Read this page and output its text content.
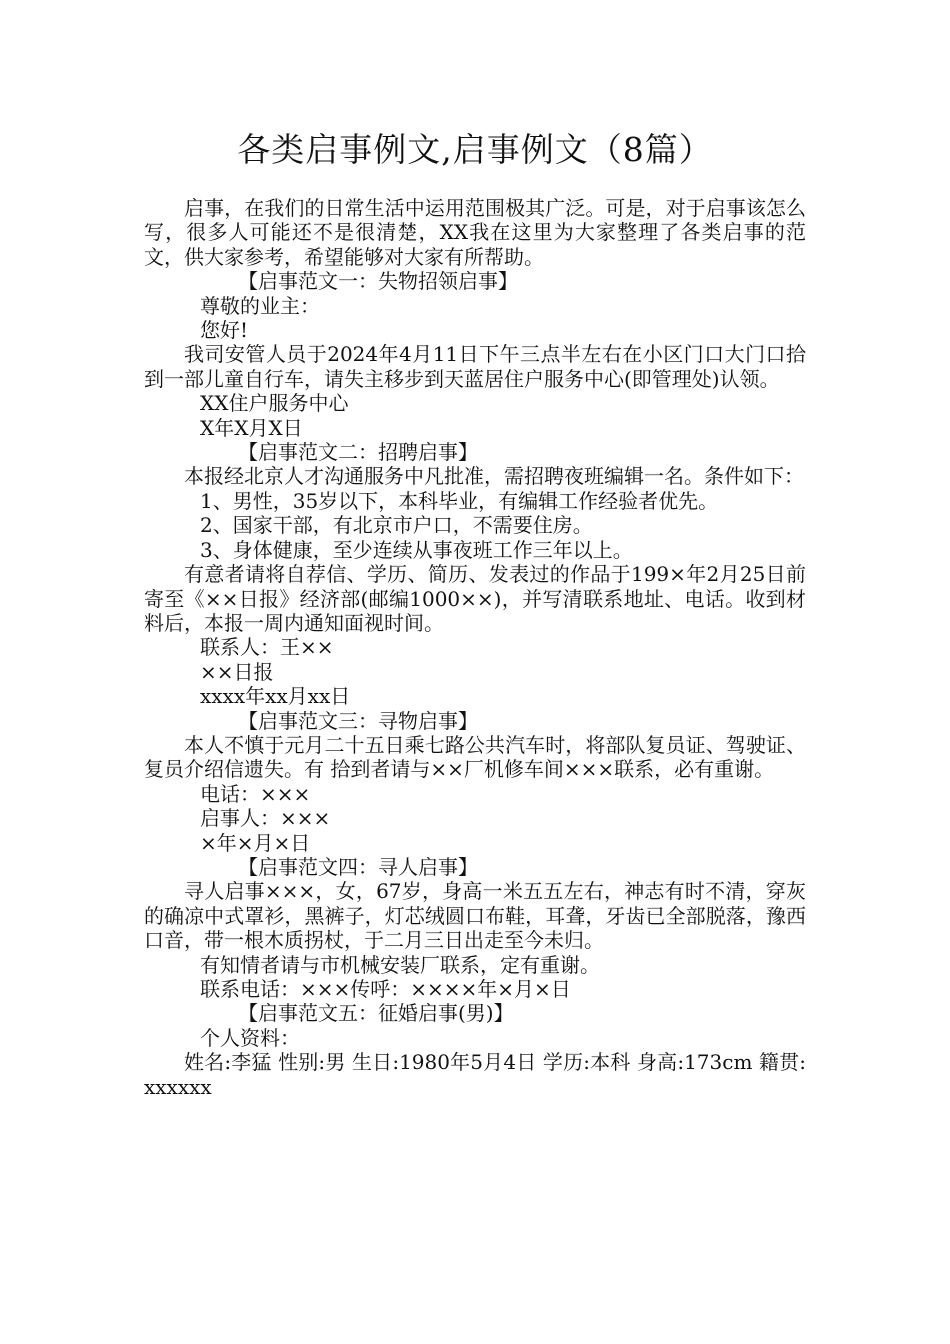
各类启事例文,启事例文（8篇）

启事，在我们的日常生活中运用范围极其广泛。可是，对于启事该怎么写，很多人可能还不是很清楚，XX我在这里为大家整理了各类启事的范文，供大家参考，希望能够对大家有所帮助。

【启事范文一：失物招领启事】

尊敬的业主：

您好!

我司安管人员于2024年4月11日下午三点半左右在小区门口大门口拾到一部儿童自行车，请失主移步到天蓝居住户服务中心(即管理处)认领。

XX住户服务中心

X年X月X日

【启事范文二：招聘启事】

本报经北京人才沟通服务中凡批准，需招聘夜班编辑一名。条件如下：

1、男性，35岁以下，本科毕业，有编辑工作经验者优先。

2、国家干部，有北京市户口，不需要住房。

3、身体健康，至少连续从事夜班工作三年以上。

有意者请将自荐信、学历、简历、发表过的作品于199×年2月25日前寄至《××日报》经济部(邮编1000××)，并写清联系地址、电话。收到材料后，本报一周内通知面视时间。

联系人：王××

××日报

xxxx年xx月xx日

【启事范文三：寻物启事】

本人不慎于元月二十五日乘七路公共汽车时，将部队复员证、驾驶证、复员介绍信遗失。有 拾到者请与××厂机修车间×××联系，必有重谢。

电话：×××

启事人：×××

×年×月×日

【启事范文四：寻人启事】

寻人启事×××，女，67岁，身高一米五五左右，神志有时不清，穿灰的确凉中式罩衫，黑裤子，灯芯绒圆口布鞋，耳聋，牙齿已全部脱落，豫西口音，带一根木质拐杖，于二月三日出走至今未归。

有知情者请与市机械安装厂联系，定有重谢。

联系电话：×××传呼：××××年×月×日

【启事范文五：征婚启事(男)】

个人资料：

姓名:李猛 性别:男 生日:1980年5月4日 学历:本科 身高:173cm 籍贯:xxxxxx
